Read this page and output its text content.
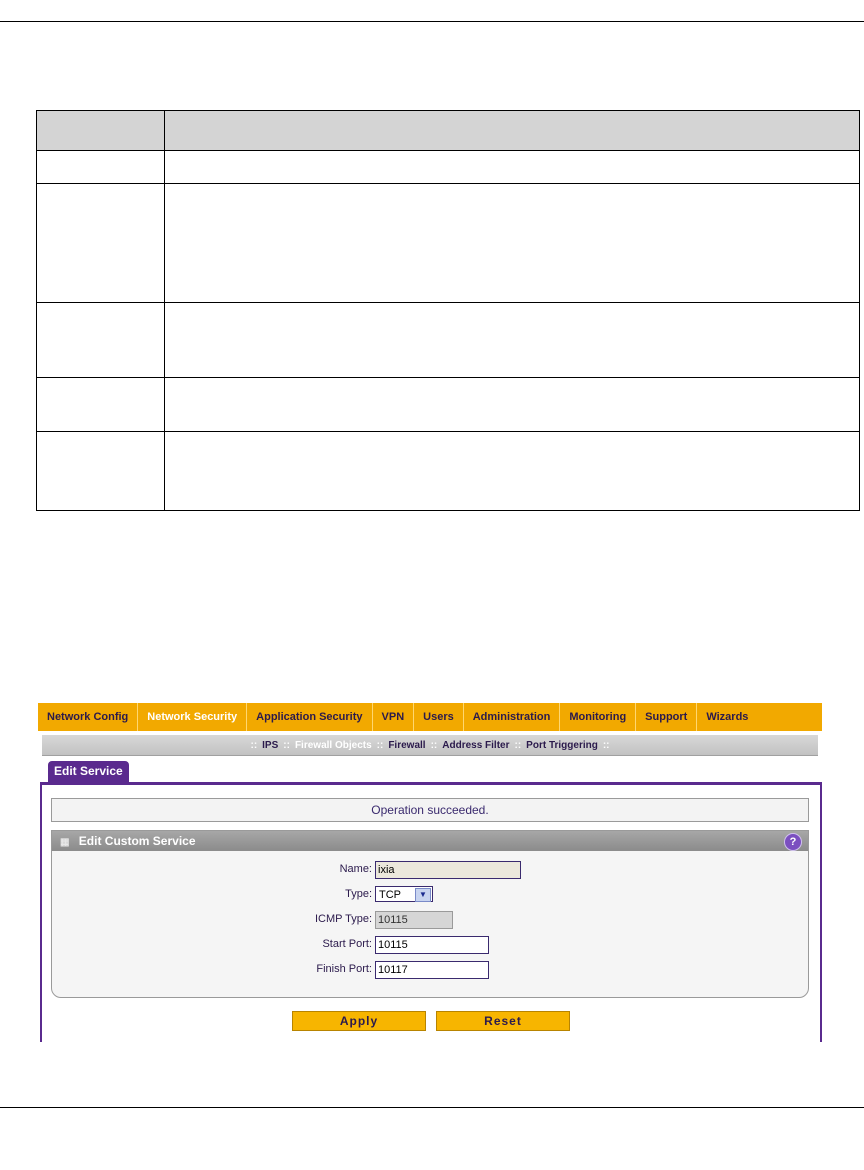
Network Config	Network Security	Application Security	VPN	Users	Administration	Monitoring	Support	Wizards
:: IPS :: Firewall Objects :: Firewall :: Address Filter :: Port Triggering ::
Edit Service
Operation succeeded.
▦ Edit Custom Service	?
Name:
ixia
Type: TCP	▼
ICMP Type:
10115
Start Port:
10115
Finish Port:
10117
Apply	Reset
